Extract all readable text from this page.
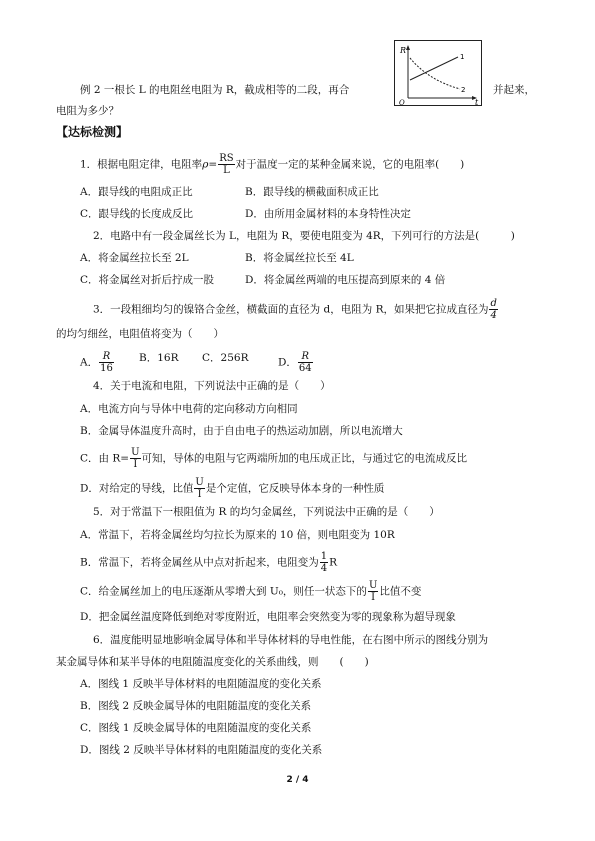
例 2 一根长 L 的电阻丝电阻为 R，截成相等的二段，再合
R
t
O
1
2	并起来，
电阻为多少？
【达标检测】
1．根据电阻定律，电阻率$\rho= \frac{RS}{L}$ 对于温度一定的某种金属来说，它的电阻率(　　)
A．跟导线的电阻成正比	B．跟导线的横截面积成正比
C．跟导线的长度成反比	D．由所用金属材料的本身特性决定
2．电路中有一段金属丝长为 L，电阻为 R，要使电阻变为 4R，下列可行的方法是(　　　)
A．将金属丝拉长至 2L	B．将金属丝拉长至 4L
C．将金属丝对折后拧成一股	D．将金属丝两端的电压提高到原来的 4 倍
3．一段粗细均匀的镍铬合金丝，横截面的直径为 d，电阻为 R，如果把它拉成直径为 $\frac{d}{4}$
的均匀细丝，电阻值将变为（　　）
A． $\frac{R}{16}$ B．16R C．256R	D． $\frac{R}{64}$
4．关于电流和电阻，下列说法中正确的是（　　）
A．电流方向与导体中电荷的定向移动方向相同
B．金属导体温度升高时，由于自由电子的热运动加剧，所以电流增大
C．由 $R= \frac{U}{I}$ 可知，导体的电阻与它两端所加的电压成正比，与通过它的电流成反比
D．对给定的导线，比值 $\frac{U}{I}$ 是个定值，它反映导体本身的一种性质
5．对于常温下一根阻值为 R 的均匀金属丝，下列说法中正确的是（　　）
A．常温下，若将金属丝均匀拉长为原来的 10 倍，则电阻变为 10R
B．常温下，若将金属丝从中点对折起来，电阻变为 $\frac{1}{4}$ R
C．给金属丝加上的电压逐渐从零增大到 U₀，则任一状态下的 $\frac{U}{I}$ 比值不变
D．把金属丝温度降低到绝对零度附近，电阻率会突然变为零的现象称为超导现象
6．温度能明显地影响金属导体和半导体材料的导电性能，在右图中所示的图线分别为
某金属导体和某半导体的电阻随温度变化的关系曲线，则　　(　　)
A．图线 1 反映半导体材料的电阻随温度的变化关系
B．图线 2 反映金属导体的电阻随温度的变化关系
C．图线 1 反映金属导体的电阻随温度的变化关系
D．图线 2 反映半导体材料的电阻随温度的变化关系
2 / 4
